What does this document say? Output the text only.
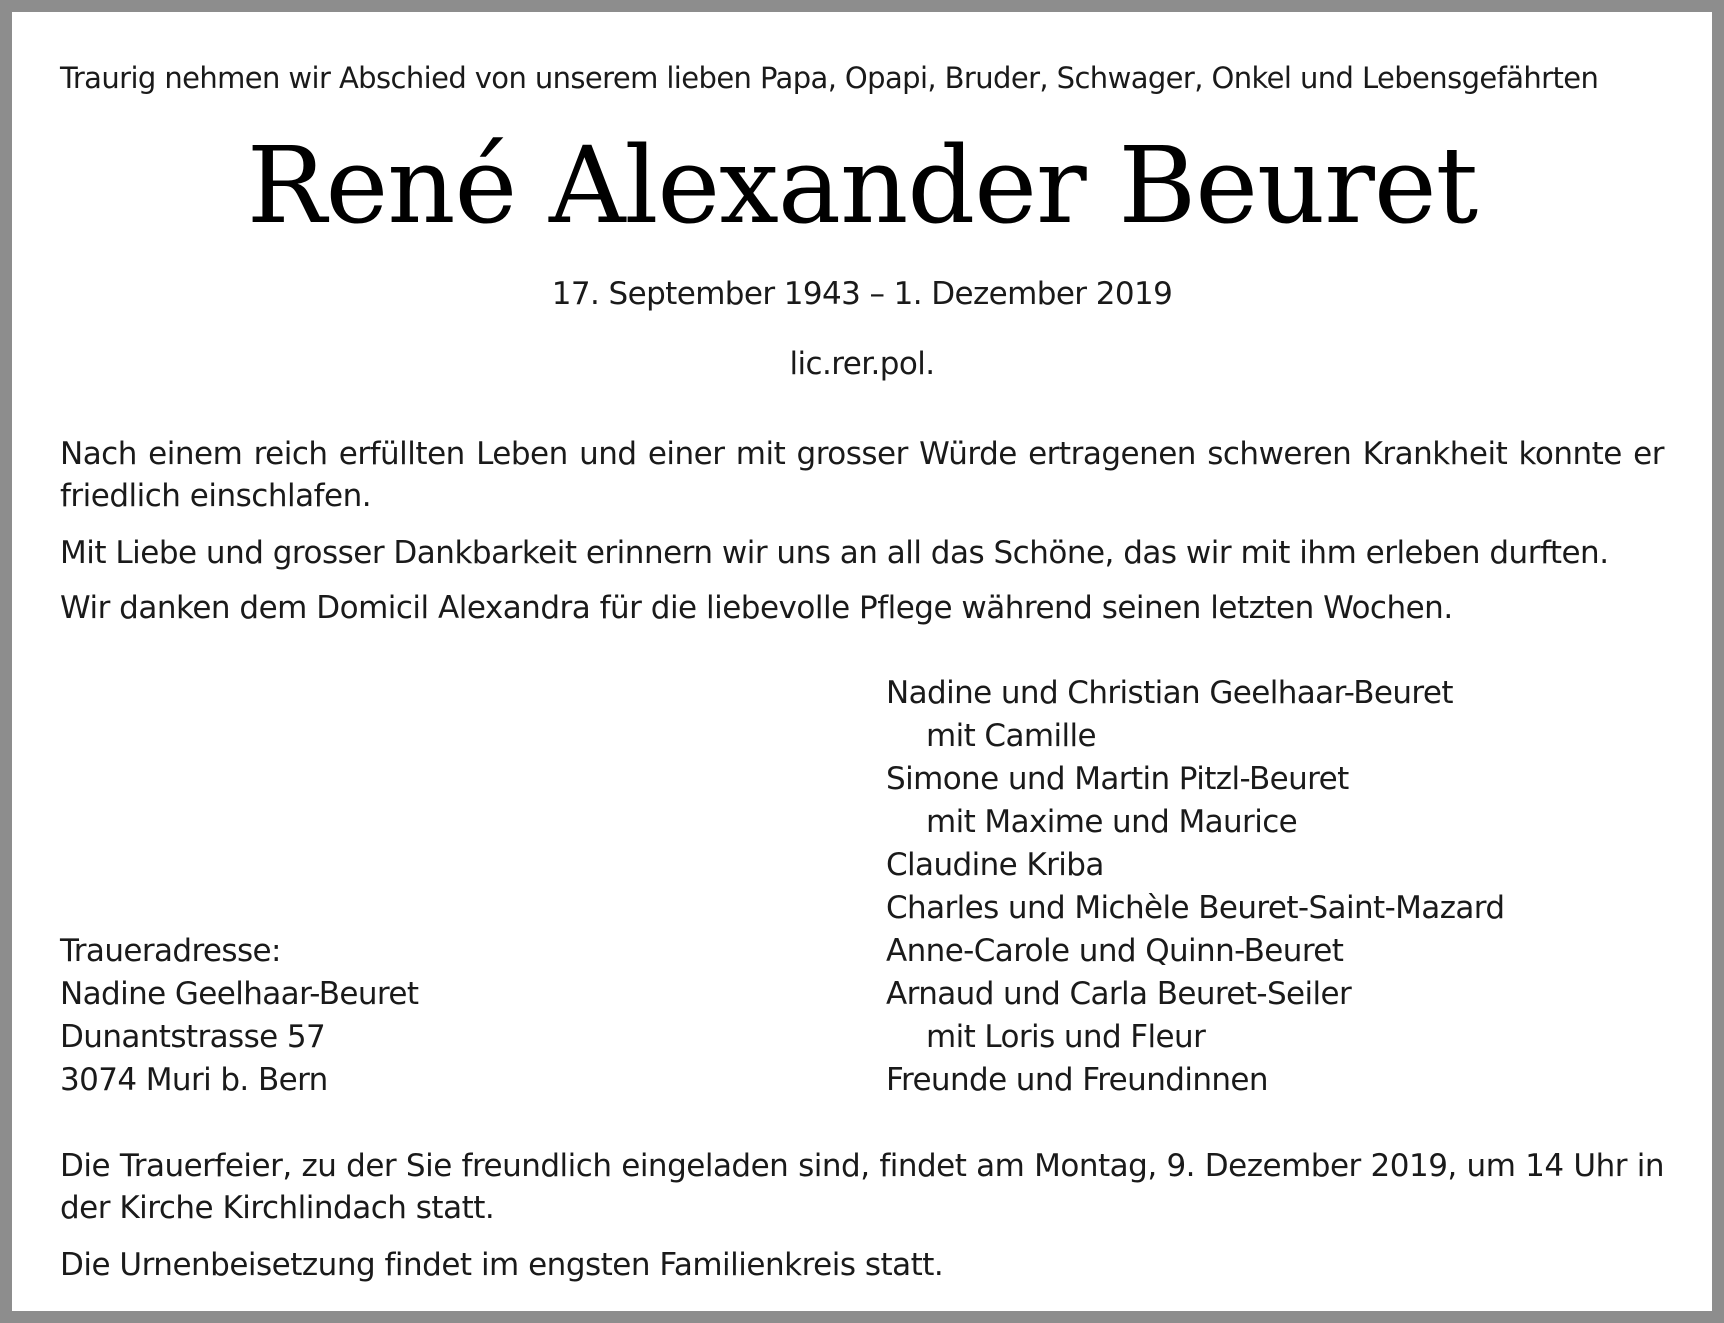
Traurig nehmen wir Abschied von unserem lieben Papa, Opapi, Bruder, Schwager, Onkel und Lebensgefährten

René Alexander Beuret

17. September 1943 – 1. Dezember 2019

lic.rer.pol.

Nach einem reich erfüllten Leben und einer mit grosser Würde ertragenen schweren Krankheit konnte er friedlich einschlafen.

Mit Liebe und grosser Dankbarkeit erinnern wir uns an all das Schöne, das wir mit ihm erleben durften.

Wir danken dem Domicil Alexandra für die liebevolle Pflege während seinen letzten Wochen.

Nadine und Christian Geelhaar-Beuret
mit Camille
Simone und Martin Pitzl-Beuret
mit Maxime und Maurice
Claudine Kriba
Charles und Michèle Beuret-Saint-Mazard
Anne-Carole und Quinn-Beuret
Arnaud und Carla Beuret-Seiler
mit Loris und Fleur
Freunde und Freundinnen
Traueradresse:
Nadine Geelhaar-Beuret
Dunantstrasse 57
3074 Muri b. Bern

Die Trauerfeier, zu der Sie freundlich eingeladen sind, findet am Montag, 9. Dezember 2019, um 14 Uhr in der Kirche Kirchlindach statt.

Die Urnenbeisetzung findet im engsten Familienkreis statt.
